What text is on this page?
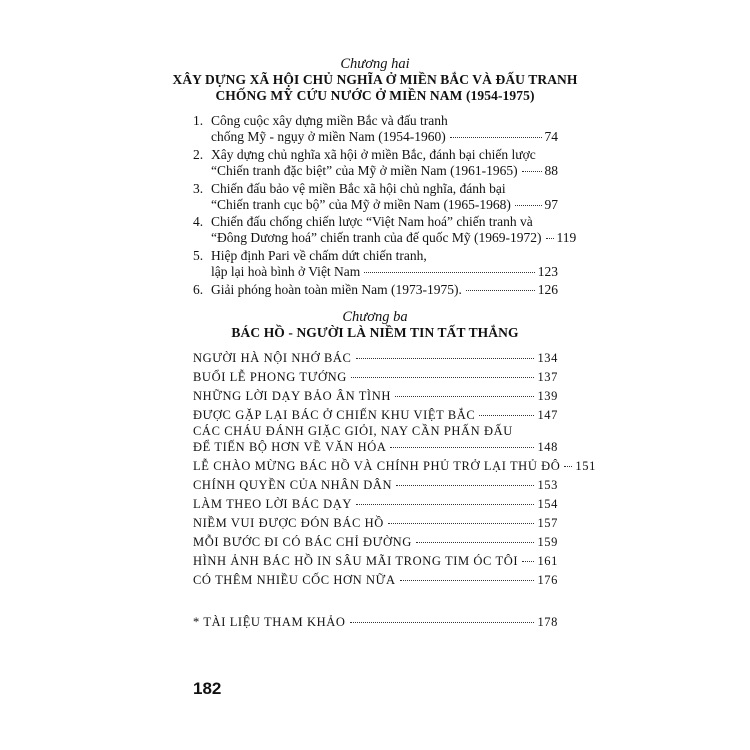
Chương hai
XÂY DỰNG XÃ HỘI CHỦ NGHĨA Ở MIỀN BẮC VÀ ĐẤU TRANH
CHỐNG MỸ CỨU NƯỚC Ở MIỀN NAM (1954-1975)
1. Công cuộc xây dựng miền Bắc và đấu tranh
chống Mỹ - ngụy ở miền Nam (1954-1960)	74
2. Xây dựng chủ nghĩa xã hội ở miền Bắc, đánh bại chiến lược
“Chiến tranh đặc biệt” của Mỹ ở miền Nam (1961-1965) 88
3. Chiến đấu bảo vệ miền Bắc xã hội chủ nghĩa, đánh bại
“Chiến tranh cục bộ” của Mỹ ở miền Nam (1965-1968) 97
4. Chiến đấu chống chiến lược “Việt Nam hoá” chiến tranh và
“Đông Dương hoá” chiến tranh của đế quốc Mỹ (1969-1972) 119
5. Hiệp định Pari về chấm dứt chiến tranh,
lập lại hoà bình ở Việt Nam	123
6. Giải phóng hoàn toàn miền Nam (1973-1975).	126
Chương ba
BÁC HỒ - NGƯỜI LÀ NIỀM TIN TẤT THẮNG
NGƯỜI HÀ NỘI NHỚ BÁC	134
BUỔI LỄ PHONG TƯỚNG	137
NHỮNG LỜI DẠY BẢO ÂN TÌNH	139
ĐƯỢC GẶP LẠI BÁC Ở CHIẾN KHU VIỆT BẮC	147
CÁC CHÁU ĐÁNH GIẶC GIỎI, NAY CẦN PHẤN ĐẤU
ĐỂ TIẾN BỘ HƠN VỀ VĂN HÓA	148
LỄ CHÀO MỪNG BÁC HỒ VÀ CHÍNH PHỦ TRỞ LẠI THỦ ĐÔ 151
CHÍNH QUYỀN CỦA NHÂN DÂN	153
LÀM THEO LỜI BÁC DẠY	154
NIỀM VUI ĐƯỢC ĐÓN BÁC HỒ	157
MỖI BƯỚC ĐI CÓ BÁC CHỈ ĐƯỜNG	159
HÌNH ẢNH BÁC HỒ IN SÂU MÃI TRONG TIM ÓC TÔI 161
CÓ THÊM NHIỀU CỐC HƠN NỮA	176
* TÀI LIỆU THAM KHẢO	178
182
